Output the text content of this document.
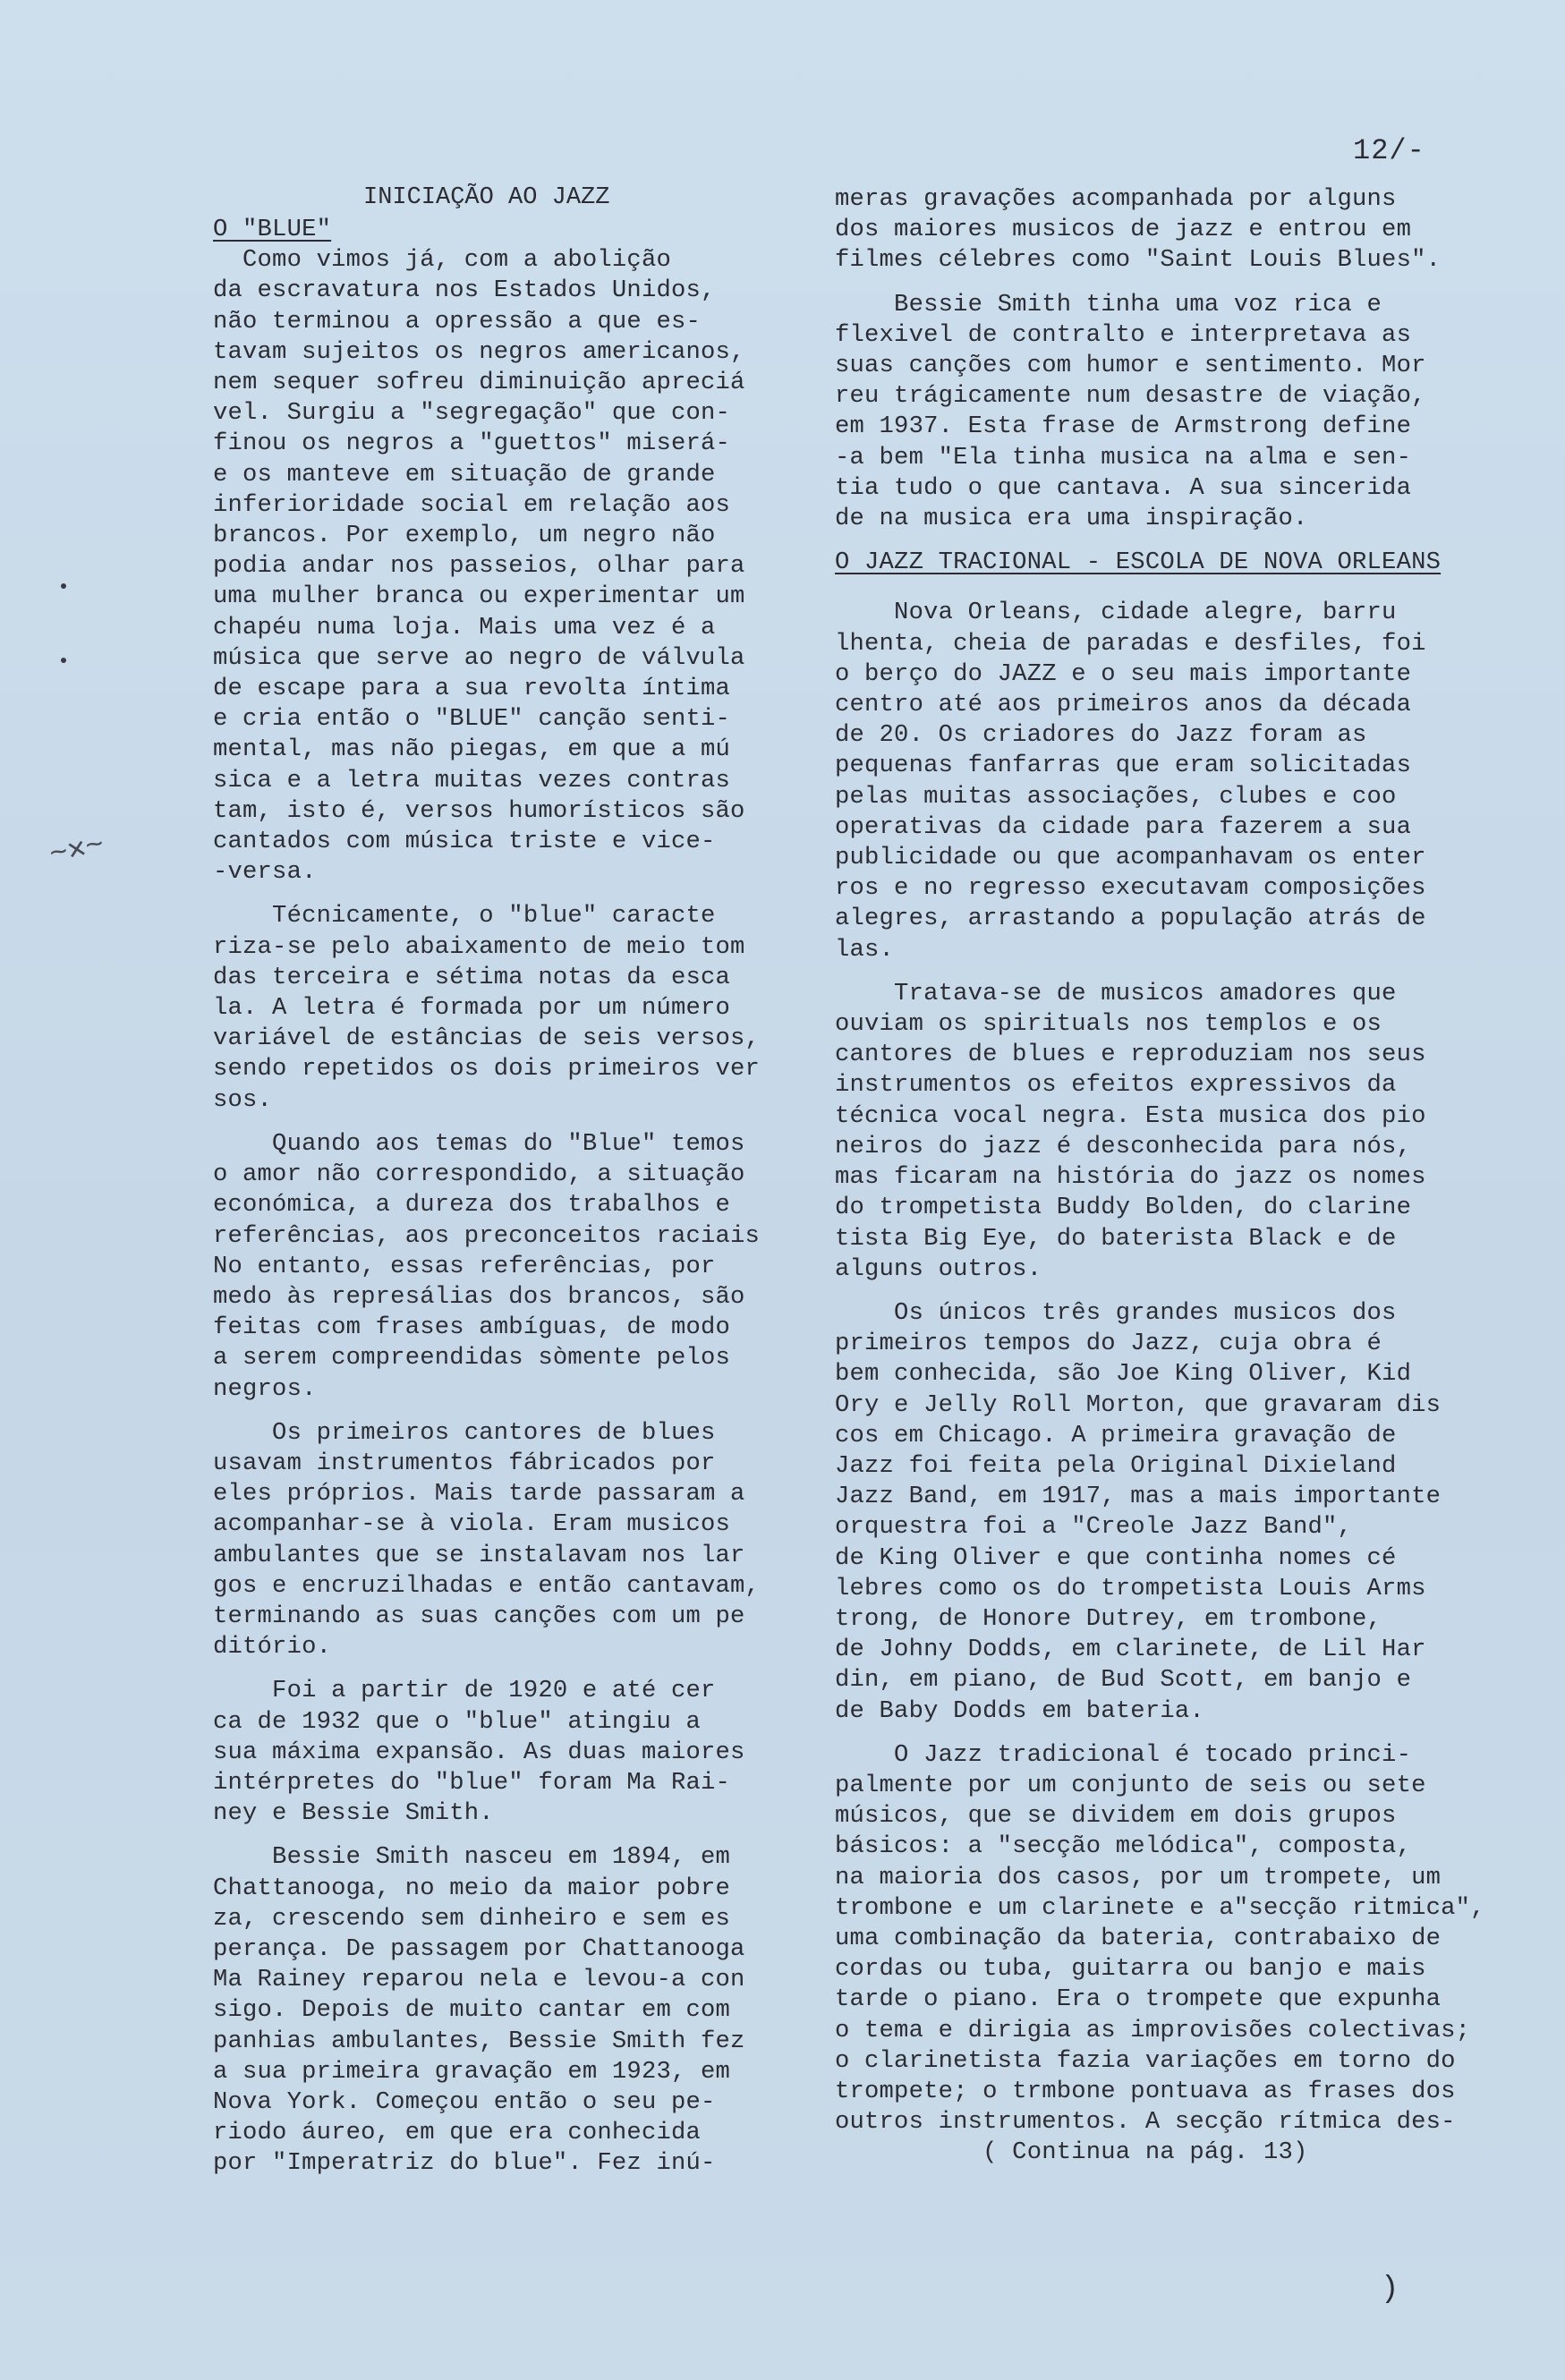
12/-
INICIAÇÃO AO JAZZ

O "BLUE"

Como vimos já, com a abolição

da escravatura nos Estados Unidos,

não terminou a opressão a que es-

tavam sujeitos os negros americanos,

nem sequer sofreu diminuição apreciá

vel. Surgiu a "segregação" que con-

finou os negros a "guettos" miserá-

e os manteve em situação de grande

inferioridade social em relação aos

brancos. Por exemplo, um negro não

podia andar nos passeios, olhar para

uma mulher branca ou experimentar um

chapéu numa loja. Mais uma vez é a

música que serve ao negro de válvula

de escape para a sua revolta íntima

e cria então o "BLUE" canção senti-

mental, mas não piegas, em que a mú

sica e a letra muitas vezes contras

tam, isto é, versos humorísticos são

cantados com música triste e vice-

-versa.

Técnicamente, o "blue" caracte

riza-se pelo abaixamento de meio tom

das terceira e sétima notas da esca

la. A letra é formada por um número

variável de estâncias de seis versos,

sendo repetidos os dois primeiros ver

sos.

Quando aos temas do "Blue" temos

o amor não correspondido, a situação

económica, a dureza dos trabalhos e

referências, aos preconceitos raciais

No entanto, essas referências, por

medo às represálias dos brancos, são

feitas com frases ambíguas, de modo

a serem compreendidas sòmente pelos

negros.

Os primeiros cantores de blues

usavam instrumentos fábricados por

eles próprios. Mais tarde passaram a

acompanhar-se à viola. Eram musicos

ambulantes que se instalavam nos lar

gos e encruzilhadas e então cantavam,

terminando as suas canções com um pe

ditório.

Foi a partir de 1920 e até cer

ca de 1932 que o "blue" atingiu a

sua máxima expansão. As duas maiores

intérpretes do "blue" foram Ma Rai-

ney e Bessie Smith.

Bessie Smith nasceu em 1894, em

Chattanooga, no meio da maior pobre

za, crescendo sem dinheiro e sem es

perança. De passagem por Chattanooga

Ma Rainey reparou nela e levou-a con

sigo. Depois de muito cantar em com

panhias ambulantes, Bessie Smith fez

a sua primeira gravação em 1923, em

Nova York. Começou então o seu pe-

riodo áureo, em que era conhecida

por "Imperatriz do blue". Fez inú-

meras gravações acompanhada por alguns

dos maiores musicos de jazz e entrou em

filmes célebres como "Saint Louis Blues".

Bessie Smith tinha uma voz rica e

flexivel de contralto e interpretava as

suas canções com humor e sentimento. Mor

reu trágicamente num desastre de viação,

em 1937. Esta frase de Armstrong define

-a bem "Ela tinha musica na alma e sen-

tia tudo o que cantava. A sua sincerida

de na musica era uma inspiração.

O JAZZ TRACIONAL - ESCOLA DE NOVA ORLEANS

Nova Orleans, cidade alegre, barru

lhenta, cheia de paradas e desfiles, foi

o berço do JAZZ e o seu mais importante

centro até aos primeiros anos da década

de 20. Os criadores do Jazz foram as

pequenas fanfarras que eram solicitadas

pelas muitas associações, clubes e coo

operativas da cidade para fazerem a sua

publicidade ou que acompanhavam os enter

ros e no regresso executavam composições

alegres, arrastando a população atrás de

las.

Tratava-se de musicos amadores que

ouviam os spirituals nos templos e os

cantores de blues e reproduziam nos seus

instrumentos os efeitos expressivos da

técnica vocal negra. Esta musica dos pio

neiros do jazz é desconhecida para nós,

mas ficaram na história do jazz os nomes

do trompetista Buddy Bolden, do clarine

tista Big Eye, do baterista Black e de

alguns outros.

Os únicos três grandes musicos dos

primeiros tempos do Jazz, cuja obra é

bem conhecida, são Joe King Oliver, Kid

Ory e Jelly Roll Morton, que gravaram dis

cos em Chicago. A primeira gravação de

Jazz foi feita pela Original Dixieland

Jazz Band, em 1917, mas a mais importante

orquestra foi a "Creole Jazz Band",

de King Oliver e que continha nomes cé

lebres como os do trompetista Louis Arms

trong, de Honore Dutrey, em trombone,

de Johny Dodds, em clarinete, de Lil Har

din, em piano, de Bud Scott, em banjo e

de Baby Dodds em bateria.

O Jazz tradicional é tocado princi-

palmente por um conjunto de seis ou sete

músicos, que se dividem em dois grupos

básicos: a "secção melódica", composta,

na maioria dos casos, por um trompete, um

trombone e um clarinete e a"secção ritmica",

uma combinação da bateria, contrabaixo de

cordas ou tuba, guitarra ou banjo e mais

tarde o piano. Era o trompete que expunha

o tema e dirigia as improvisões colectivas;

o clarinetista fazia variações em torno do

trompete; o trmbone pontuava as frases dos

outros instrumentos. A secção rítmica des-

( Continua na pág. 13)

~✕~
)
